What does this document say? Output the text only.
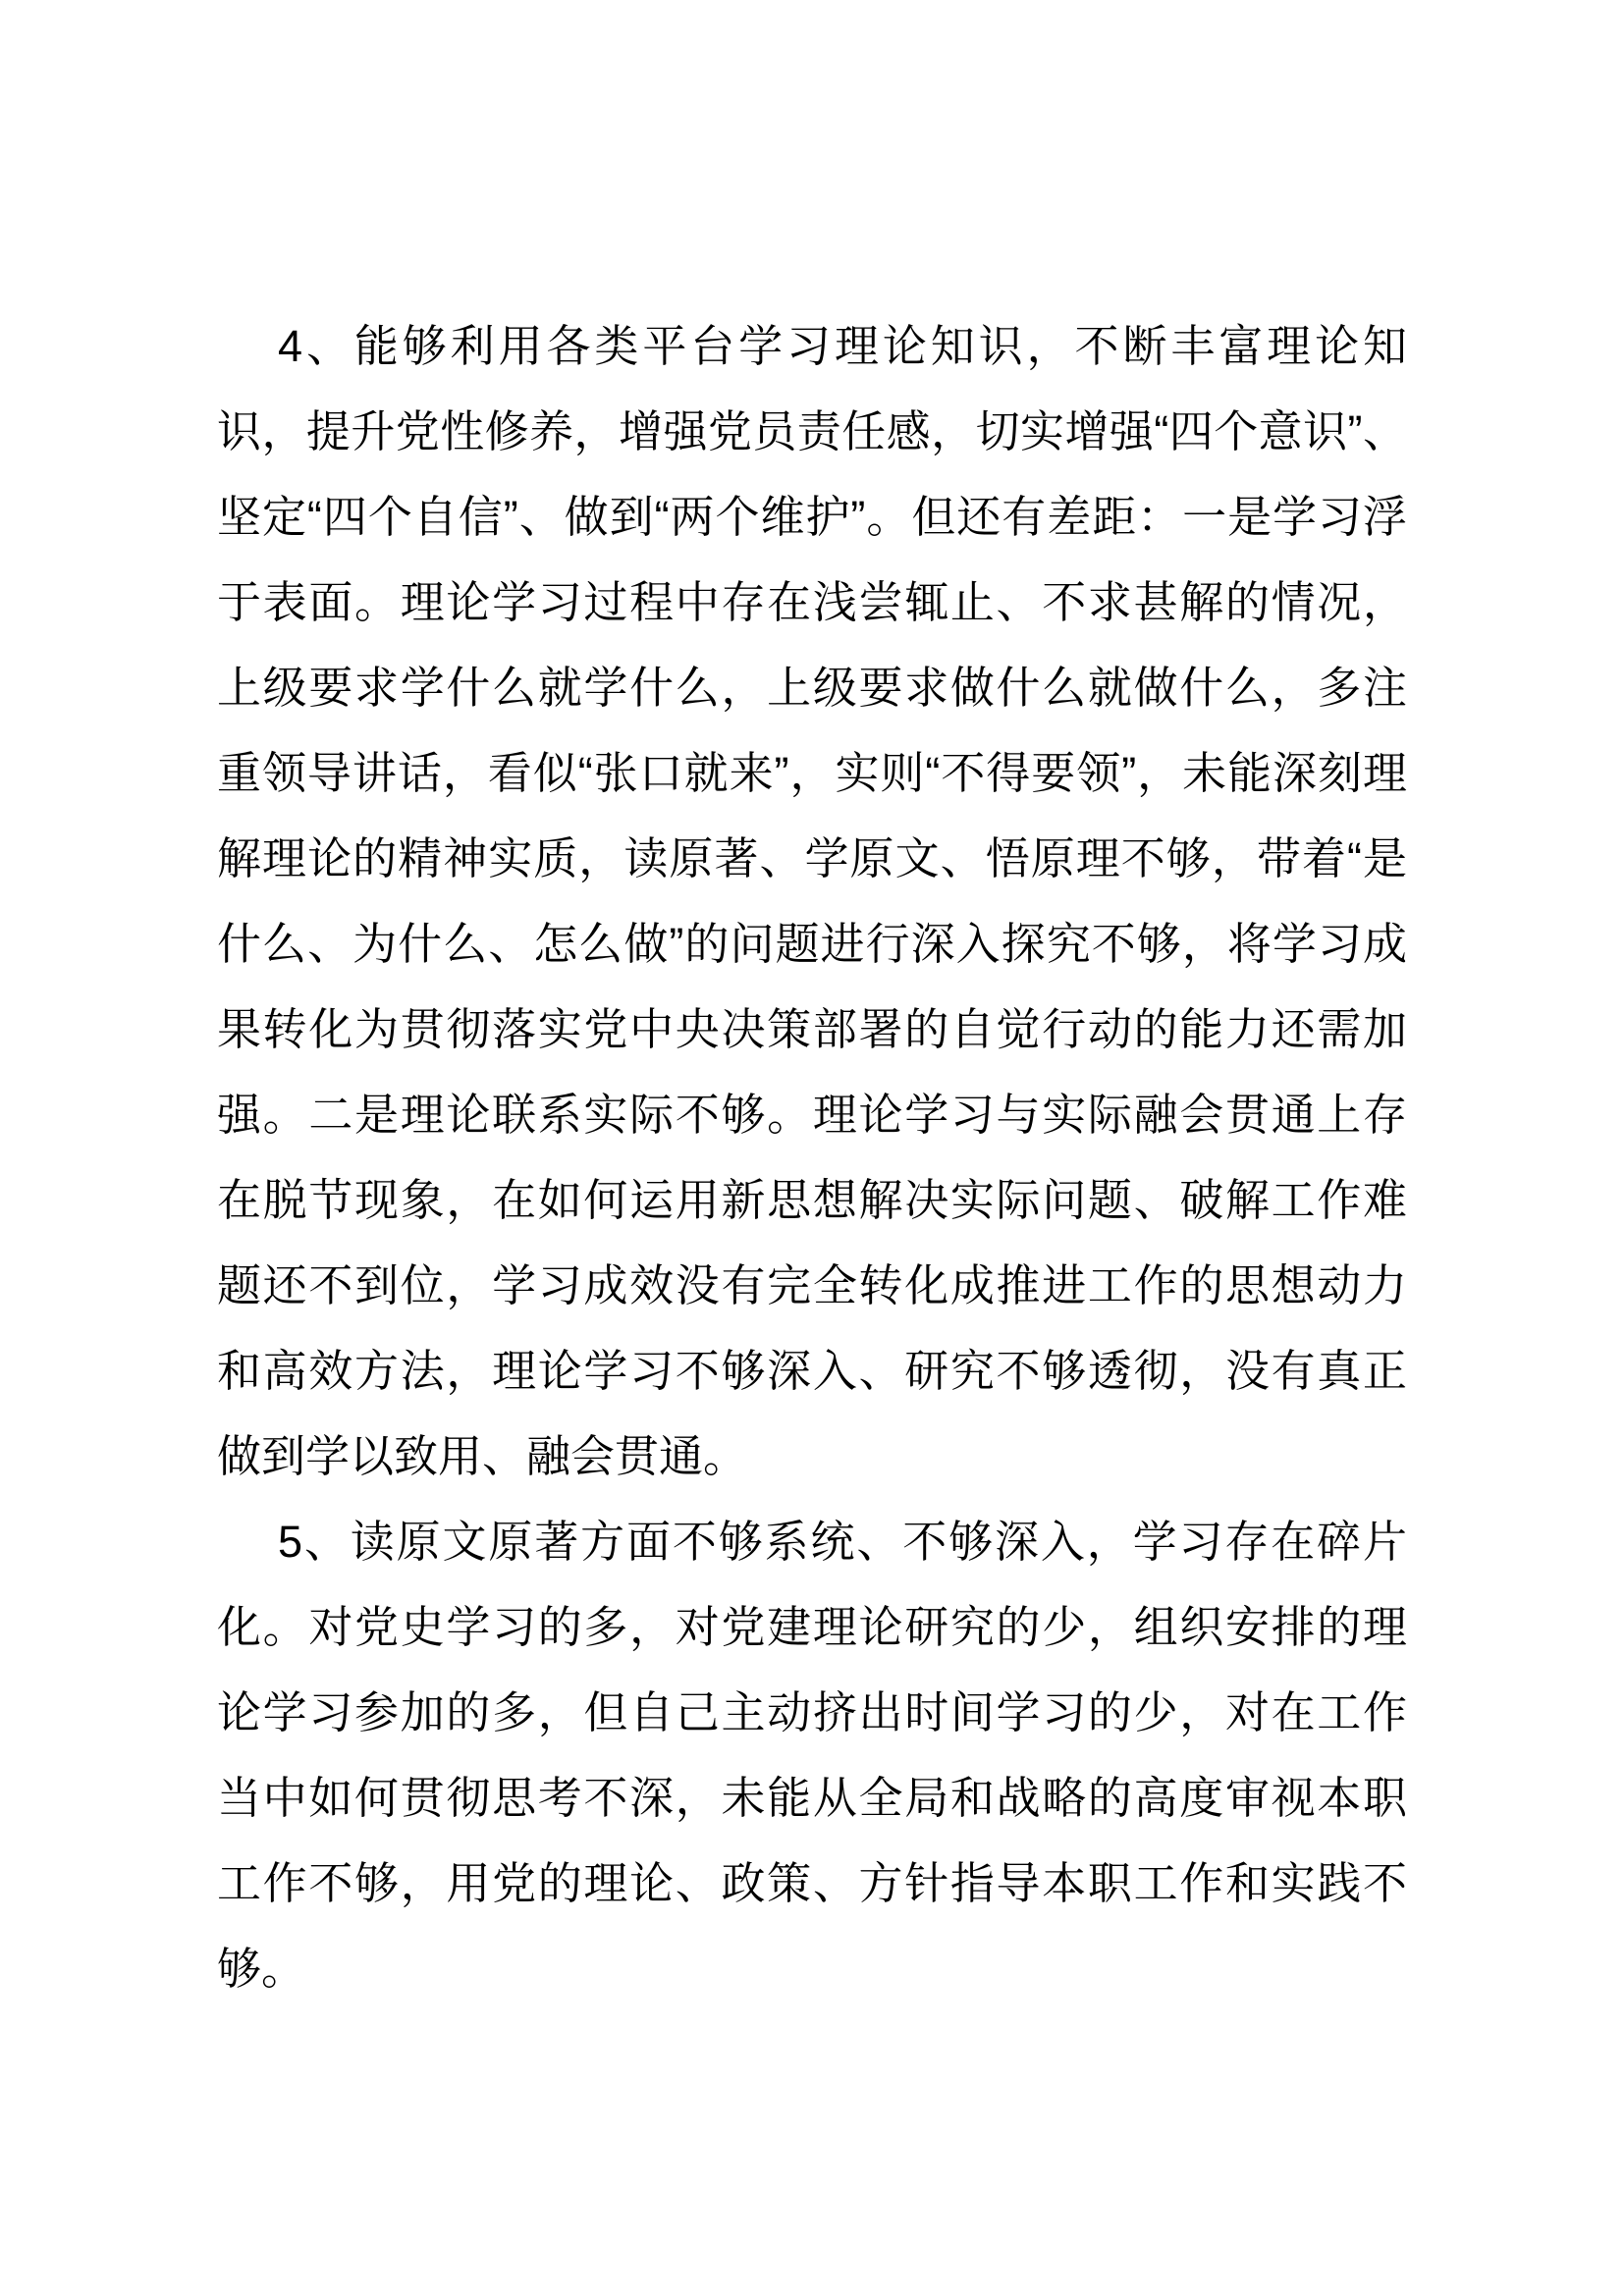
4、能够利用各类平台学习理论知识，不断丰富理论知识，提升党性修养，增强党员责任感，切实增强“四个意识”、坚定“四个自信”、做到“两个维护”。但还有差距：一是学习浮于表面。理论学习过程中存在浅尝辄止、不求甚解的情况，上级要求学什么就学什么，上级要求做什么就做什么，多注重领导讲话，看似“张口就来”，实则“不得要领”，未能深刻理解理论的精神实质，读原著、学原文、悟原理不够，带着“是什么、为什么、怎么做”的问题进行深入探究不够，将学习成果转化为贯彻落实党中央决策部署的自觉行动的能力还需加强。二是理论联系实际不够。理论学习与实际融会贯通上存在脱节现象，在如何运用新思想解决实际问题、破解工作难题还不到位，学习成效没有完全转化成推进工作的思想动力和高效方法，理论学习不够深入、研究不够透彻，没有真正做到学以致用、融会贯通。

5、读原文原著方面不够系统、不够深入，学习存在碎片化。对党史学习的多，对党建理论研究的少，组织安排的理论学习参加的多，但自己主动挤出时间学习的少，对在工作当中如何贯彻思考不深，未能从全局和战略的高度审视本职工作不够，用党的理论、政策、方针指导本职工作和实践不够。
